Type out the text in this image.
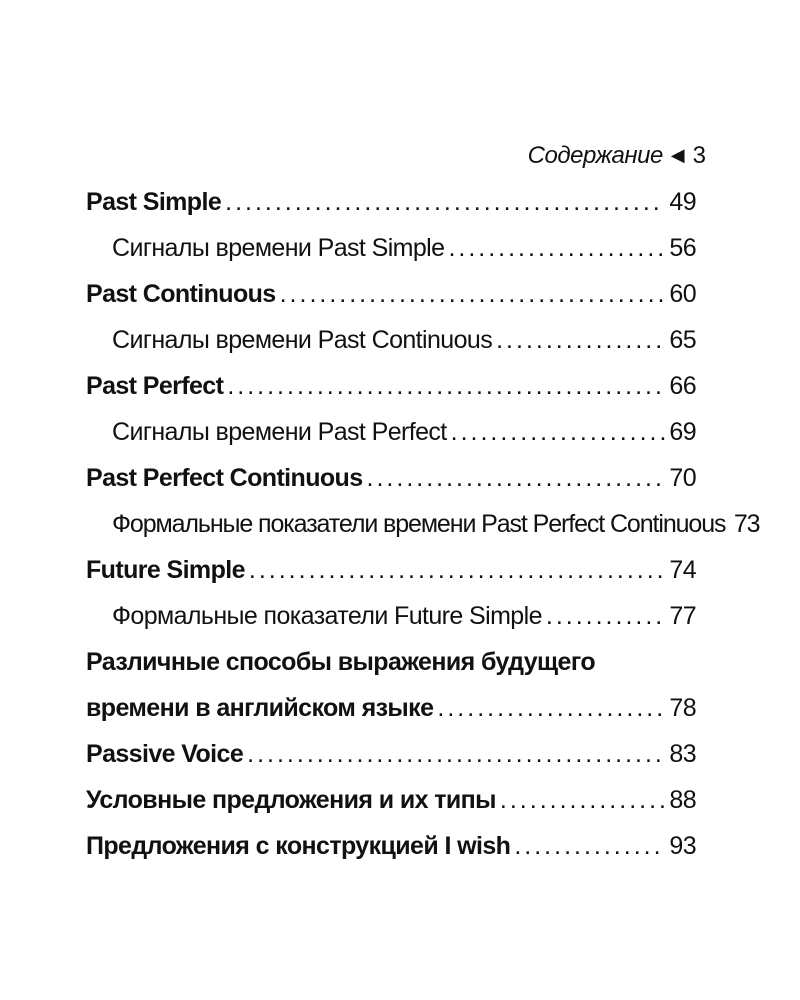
Содержание ◀ 3
Past Simple .....	49
Сигналы времени Past Simple .....	56
Past Continuous .....	60
Сигналы времени Past Continuous .....	65
Past Perfect .....	66
Сигналы времени Past Perfect .....	69
Past Perfect Continuous .....	70
Формальные показатели времени Past Perfect Continuous 73
Future Simple .....	74
Формальные показатели Future Simple .....	77
Различные способы выражения будущего
времени в английском языке .....	78
Passive Voice .....	83
Условные предложения и их типы .....	88
Предложения с конструкцией I wish .....	93
